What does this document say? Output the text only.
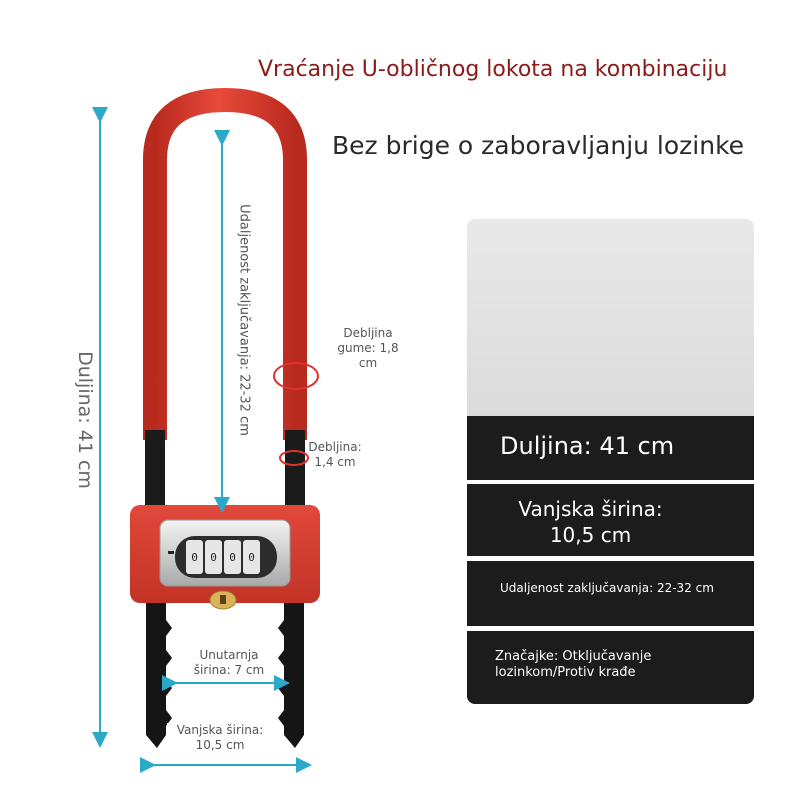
Vraćanje U-obličnog lokota na kombinaciju
Bez brige o zaboravljanju lozinke
0 0 0 0
Duljina: 41 cm	Udaljenost zaključavanja: 22-32 cm	Debljina
gume: 1,8
cm
Debljina:
1,4 cm
Unutarnja
širina: 7 cm
Vanjska širina:
10,5 cm
Duljina: 41 cm
Vanjska širina:
10,5 cm
Udaljenost zaključavanja: 22-32 cm
Značajke: Otključavanje
lozinkom/Protiv krađe
